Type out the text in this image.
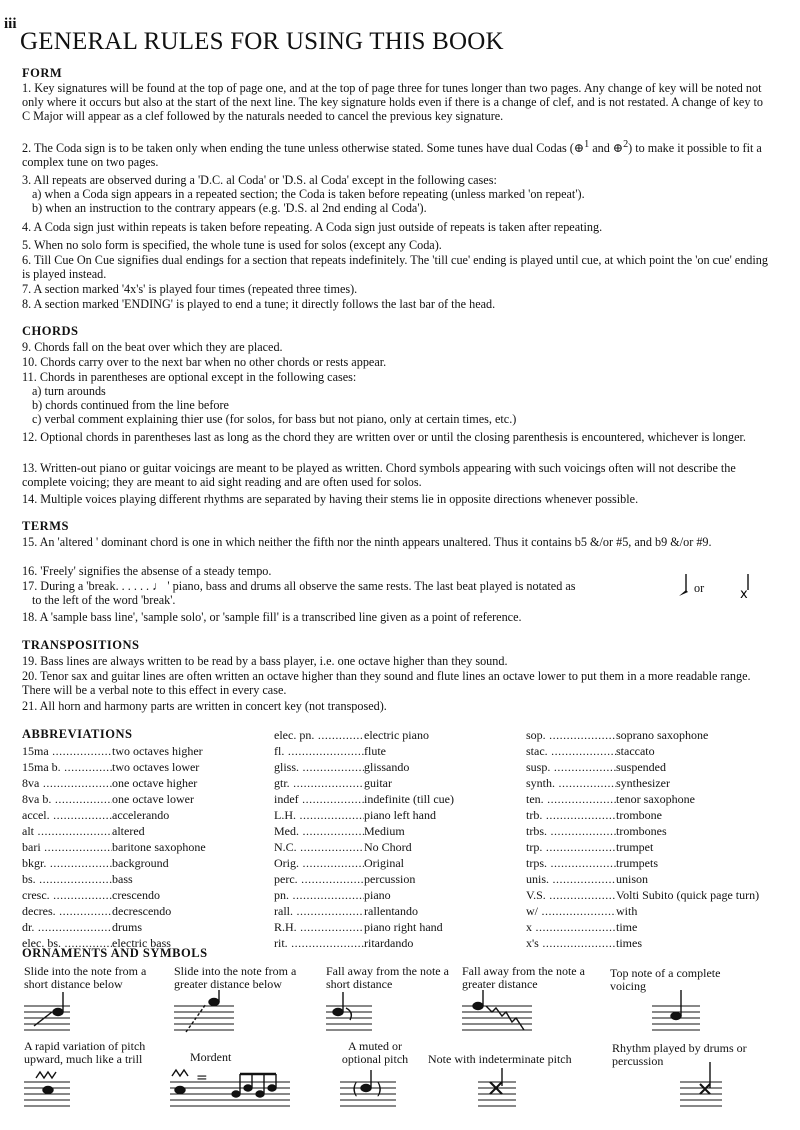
iii
GENERAL RULES FOR USING THIS BOOK
FORM
1. Key signatures will be found at the top of page one, and at the top of page three for tunes longer than two pages. Any change of key will be noted not only where it occurs but also at the start of the next line. The key signature holds even if there is a change of clef, and is not restated. A change of key to C Major will appear as a clef followed by the naturals needed to cancel the previous key signature.
2. The Coda sign is to be taken only when ending the tune unless otherwise stated. Some tunes have dual Codas (⊕$^1$ and ⊕$^2$) to make it possible to fit a complex tune on two pages.
3. All repeats are observed during a 'D.C. al Coda' or 'D.S. al Coda' except in the following cases:
a) when a Coda sign appears in a repeated section; the Coda is taken before repeating (unless marked 'on repeat').
b) when an instruction to the contrary appears (e.g. 'D.S. al 2nd ending al Coda').
4. A Coda sign just within repeats is taken before repeating. A Coda sign just outside of repeats is taken after repeating.
5. When no solo form is specified, the whole tune is used for solos (except any Coda).
6. Till Cue On Cue signifies dual endings for a section that repeats indefinitely. The 'till cue' ending is played until cue, at which point the 'on cue' ending is played instead.
7. A section marked '4x's' is played four times (repeated three times).
8. A section marked 'ENDING' is played to end a tune; it directly follows the last bar of the head.
CHORDS
9. Chords fall on the beat over which they are placed.
10. Chords carry over to the next bar when no other chords or rests appear.
11. Chords in parentheses are optional except in the following cases:
a) turn arounds
b) chords continued from the line before
c) verbal comment explaining thier use (for solos, for bass but not piano, only at certain times, etc.)
12. Optional chords in parentheses last as long as the chord they are written over or until the closing parenthesis is encountered, whichever is longer.
13. Written-out piano or guitar voicings are meant to be played as written. Chord symbols appearing with such voicings often will not describe the complete voicing; they are meant to aid sight reading and are often used for solos.
14. Multiple voices playing different rhythms are separated by having their stems lie in opposite directions whenever possible.
TERMS
15. An 'altered ' dominant chord is one in which neither the fifth nor the ninth appears unaltered. Thus it contains b5 &/or #5, and b9 &/or #9.
16. 'Freely' signifies the absense of a steady tempo.
17. During a 'break. . . . . . ♩ ' piano, bass and drums all observe the same rests. The last beat played is notated as
to the left of the word 'break'.	x
or
18. A 'sample bass line', 'sample solo', or 'sample fill' is a transcribed line given as a point of reference.
TRANSPOSITIONS
19. Bass lines are always written to be read by a bass player, i.e. one octave higher than they sound.
20. Tenor sax and guitar lines are often written an octave higher than they sound and flute lines an octave lower to put them in a more readable range. There will be a verbal note to this effect in every case.
21. All horn and harmony parts are written in concert key (not transposed).
ABBREVIATIONS
15ma .....	two octaves higher
15ma b. .....	two octaves lower
8va .....	one octave higher
8va b. .....	one octave lower
accel. .....	accelerando
alt .....	altered
bari .....	baritone saxophone
bkgr. .....	background
bs. .....	bass
cresc. .....	crescendo
decres. .....	decrescendo
dr. .....	drums
elec. bs. .....	electric bass
elec. pn. .....	electric piano
fl. .....	flute
gliss. .....	glissando
gtr. .....	guitar
indef .....	indefinite (till cue)
L.H. .....	piano left hand
Med. .....	Medium
N.C. .....	No Chord
Orig. .....	Original
perc. .....	percussion
pn. .....	piano
rall. .....	rallentando
R.H. .....	piano right hand
rit. .....	ritardando
sop. .....	soprano saxophone
stac. .....	staccato
susp. .....	suspended
synth. .....	synthesizer
ten. .....	tenor saxophone
trb. .....	trombone
trbs. .....	trombones
trp. .....	trumpet
trps. .....	trumpets
unis. .....	unison
V.S. .....	Volti Subito (quick page turn)
w/ .....	with
x .....	time
x's .....	times
ORNAMENTS AND SYMBOLS
Slide into the note from a short distance below
Slide into the note from a greater distance below
Fall away from the note a short distance
Fall away from the note a greater distance
Top note of a complete voicing
A rapid variation of pitch upward, much like a trill	Mordent
A muted or optional pitch	Note with indeterminate pitch
Rhythm played by drums or percussion
=
( )
